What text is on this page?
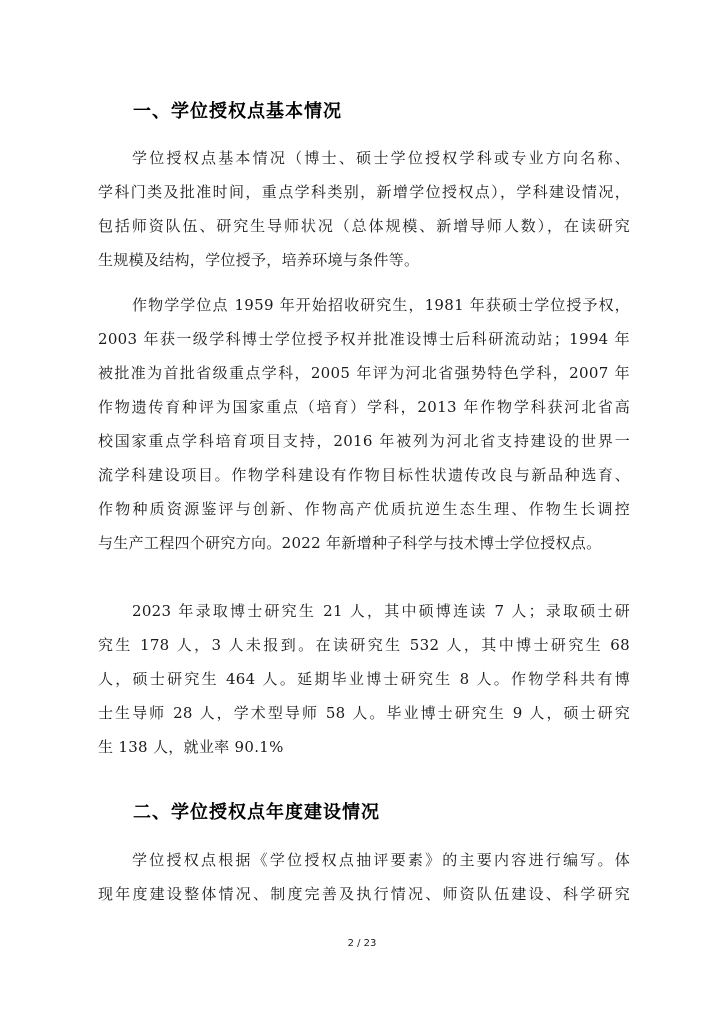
一、学位授权点基本情况
学位授权点基本情况（博士、硕士学位授权学科或专业方向名称、
学科门类及批准时间，重点学科类别，新增学位授权点），学科建设情况，
包括师资队伍、研究生导师状况（总体规模、新增导师人数），在读研究
生规模及结构，学位授予，培养环境与条件等。
作物学学位点 1959 年开始招收研究生，1981 年获硕士学位授予权，
2003 年获一级学科博士学位授予权并批准设博士后科研流动站；1994 年
被批准为首批省级重点学科，2005 年评为河北省强势特色学科，2007 年
作物遗传育种评为国家重点（培育）学科，2013 年作物学科获河北省高
校国家重点学科培育项目支持，2016 年被列为河北省支持建设的世界一
流学科建设项目。作物学科建设有作物目标性状遗传改良与新品种选育、
作物种质资源鉴评与创新、作物高产优质抗逆生态生理、作物生长调控
与生产工程四个研究方向。2022 年新增种子科学与技术博士学位授权点。
2023 年录取博士研究生 21 人，其中硕博连读 7 人；录取硕士研
究生 178 人，3 人未报到。在读研究生 532 人，其中博士研究生 68
人，硕士研究生 464 人。延期毕业博士研究生 8 人。作物学科共有博
士生导师 28 人，学术型导师 58 人。毕业博士研究生 9 人，硕士研究
生 138 人，就业率 90.1%
二、学位授权点年度建设情况
学位授权点根据《学位授权点抽评要素》的主要内容进行编写。体
现年度建设整体情况、制度完善及执行情况、师资队伍建设、科学研究
2 / 23
